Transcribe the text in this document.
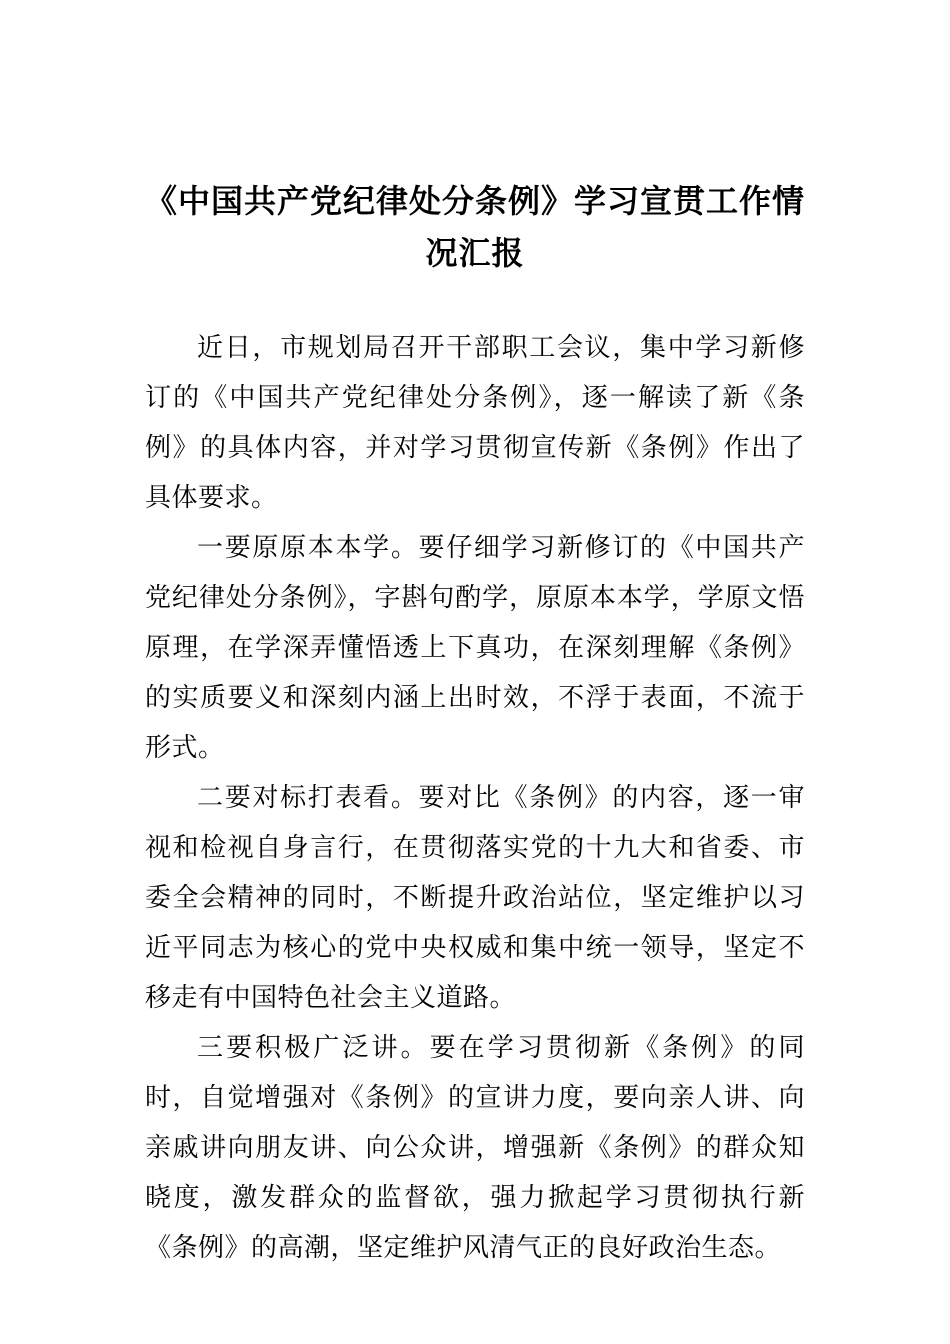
《中国共产党纪律处分条例》学习宣贯工作情况汇报

近日，市规划局召开干部职工会议，集中学习新修订的《中国共产党纪律处分条例》，逐一解读了新《条例》的具体内容，并对学习贯彻宣传新《条例》作出了具体要求。

一要原原本本学。要仔细学习新修订的《中国共产党纪律处分条例》，字斟句酌学，原原本本学，学原文悟原理，在学深弄懂悟透上下真功，在深刻理解《条例》的实质要义和深刻内涵上出时效，不浮于表面，不流于形式。

二要对标打表看。要对比《条例》的内容，逐一审视和检视自身言行，在贯彻落实党的十九大和省委、市委全会精神的同时，不断提升政治站位，坚定维护以习近平同志为核心的党中央权威和集中统一领导，坚定不移走有中国特色社会主义道路。

三要积极广泛讲。要在学习贯彻新《条例》的同时，自觉增强对《条例》的宣讲力度，要向亲人讲、向亲戚讲向朋友讲、向公众讲，增强新《条例》的群众知晓度，激发群众的监督欲，强力掀起学习贯彻执行新《条例》的高潮，坚定维护风清气正的良好政治生态。
